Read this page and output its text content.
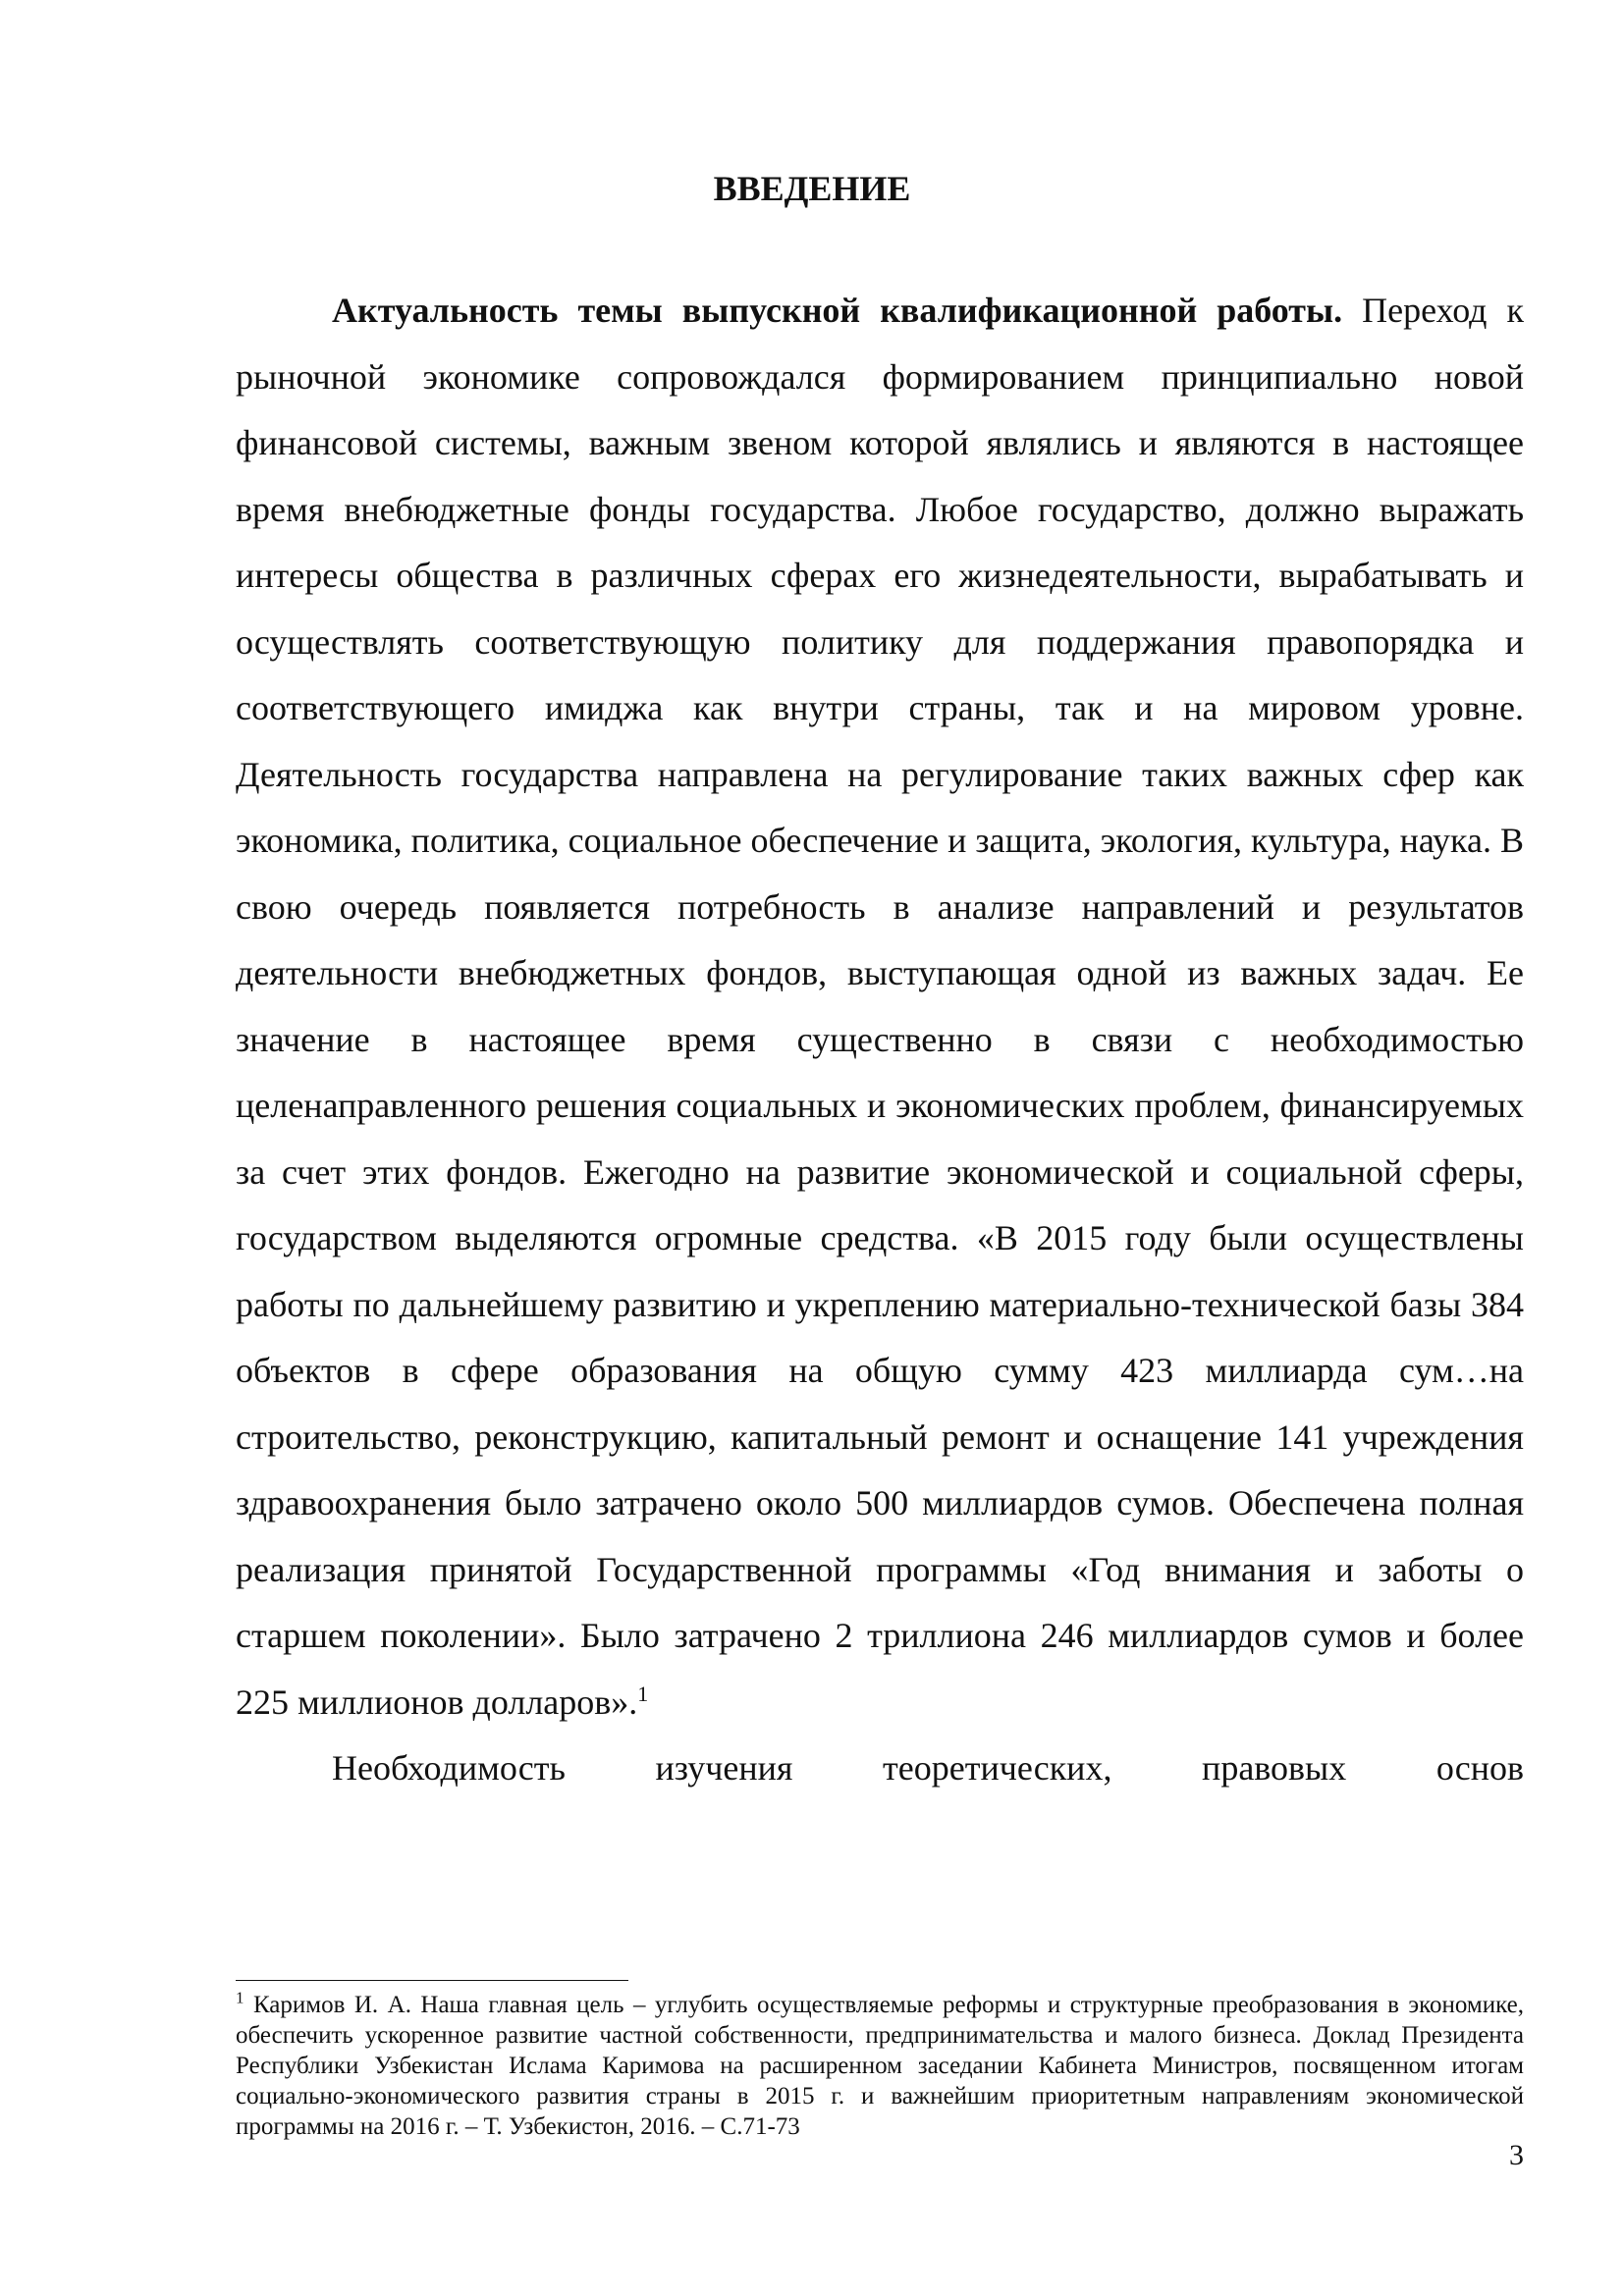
ВВЕДЕНИЕ

Актуальность темы выпускной квалификационной работы. Переход к рыночной экономике сопровождался формированием принципиально новой финансовой системы, важным звеном которой являлись и являются в настоящее время внебюджетные фонды государства. Любое государство, должно выражать интересы общества в различных сферах его жизнедеятельности, вырабатывать и осуществлять соответствующую политику для поддержания правопорядка и соответствующего имиджа как внутри страны, так и на мировом уровне. Деятельность государства направлена на регулирование таких важных сфер как экономика, политика, социальное обеспечение и защита, экология, культура, наука. В свою очередь появляется потребность в анализе направлений и результатов деятельности внебюджетных фондов, выступающая одной из важных задач. Ее значение в настоящее время существенно в связи с необходимостью целенаправленного решения социальных и экономических проблем, финансируемых за счет этих фондов. Ежегодно на развитие экономической и социальной сферы, государством выделяются огромные средства. «В 2015 году были осуществлены работы по дальнейшему развитию и укреплению материально-технической базы 384 объектов в сфере образования на общую сумму 423 миллиарда сум…на строительство, реконструкцию, капитальный ремонт и оснащение 141 учреждения здравоохранения было затрачено около 500 миллиардов сумов. Обеспечена полная реализация принятой Государственной программы «Год внимания и заботы о старшем поколении». Было затрачено 2 триллиона 246 миллиардов сумов и более 225 миллионов долларов».$^1$

Необходимость изучения теоретических, правовых основ

$^1$ Каримов И. А. Наша главная цель – углубить осуществляемые реформы и структурные преобразования в экономике, обеспечить ускоренное развитие частной собственности, предпринимательства и малого бизнеса. Доклад Президента Республики Узбекистан Ислама Каримова на расширенном заседании Кабинета Министров, посвященном итогам социально-экономического развития страны в 2015 г. и важнейшим приоритетным направлениям экономической программы на 2016 г. – Т. Узбекистон, 2016. – С.71-73

3
